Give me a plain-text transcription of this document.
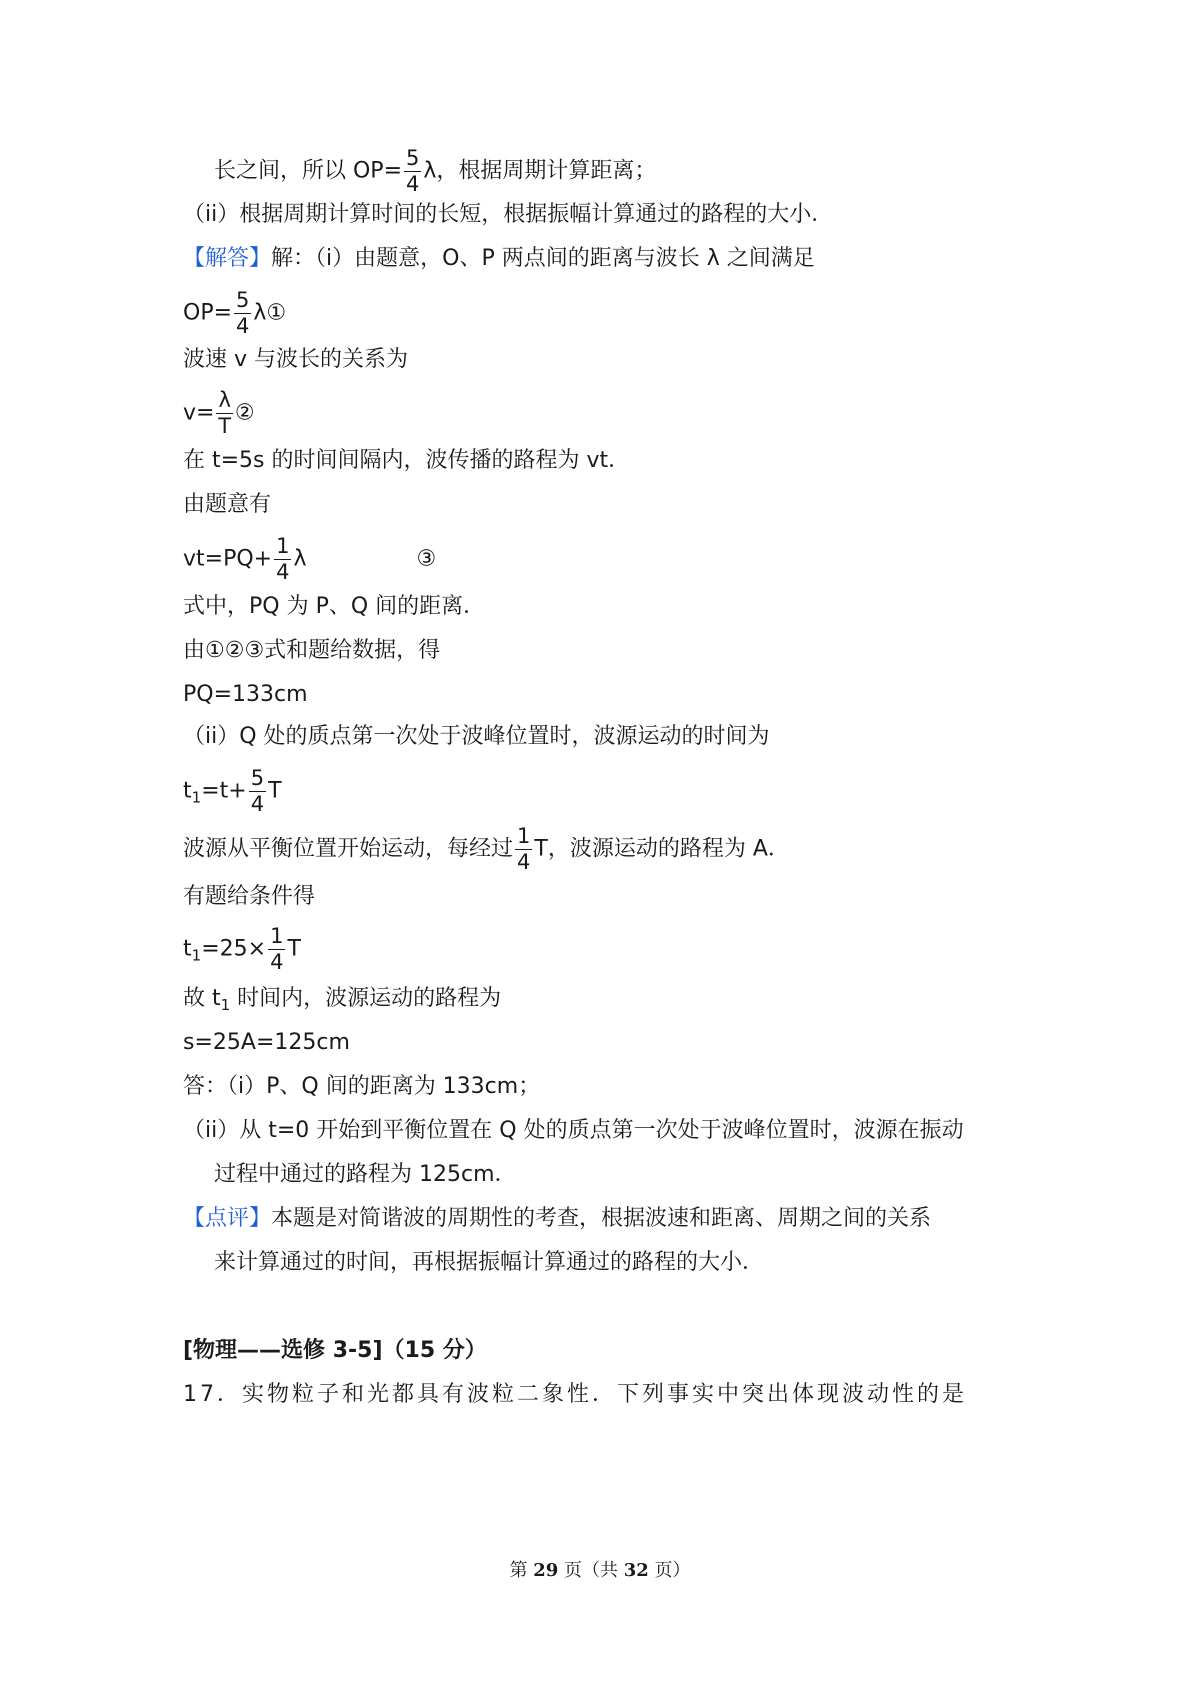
长之间，所以 $OP= \frac{5}{4}$ λ，根据周期计算距离；
（ii）根据周期计算时间的长短，根据振幅计算通过的路程的大小．
【解答】解：（i）由题意，O、P 两点间的距离与波长 λ 之间满足
$OP= \frac{5}{4}$ λ①
波速 v 与波长的关系为
$v= \frac{\lambda}{T}$ ②
在 t=5s 的时间间隔内，波传播的路程为 vt．
由题意有
$vt=PQ+ \frac{1}{4}$ λ	③
式中，PQ 为 P、Q 间的距离．
由①②③式和题给数据，得
PQ=133cm
（ii）Q 处的质点第一次处于波峰位置时，波源运动的时间为
$t_1=t+ \frac{5}{4}$ T
波源从平衡位置开始运动，每经过 $\frac{1}{4}$ T，波源运动的路程为 A．
有题给条件得
$t_1=25\times \frac{1}{4}$ T
故 $t_1$ 时间内，波源运动的路程为
s=25A=125cm
答：（i）P、Q 间的距离为 133cm；
（ii）从 t=0 开始到平衡位置在 Q 处的质点第一次处于波峰位置时，波源在振动
过程中通过的路程为 125cm．
【点评】本题是对简谐波的周期性的考查，根据波速和距离、周期之间的关系
来计算通过的时间，再根据振幅计算通过的路程的大小．
[物理——选修 3-5]（15 分）
17．实物粒子和光都具有波粒二象性．下列事实中突出体现波动性的是
第 29 页（共 32 页）
